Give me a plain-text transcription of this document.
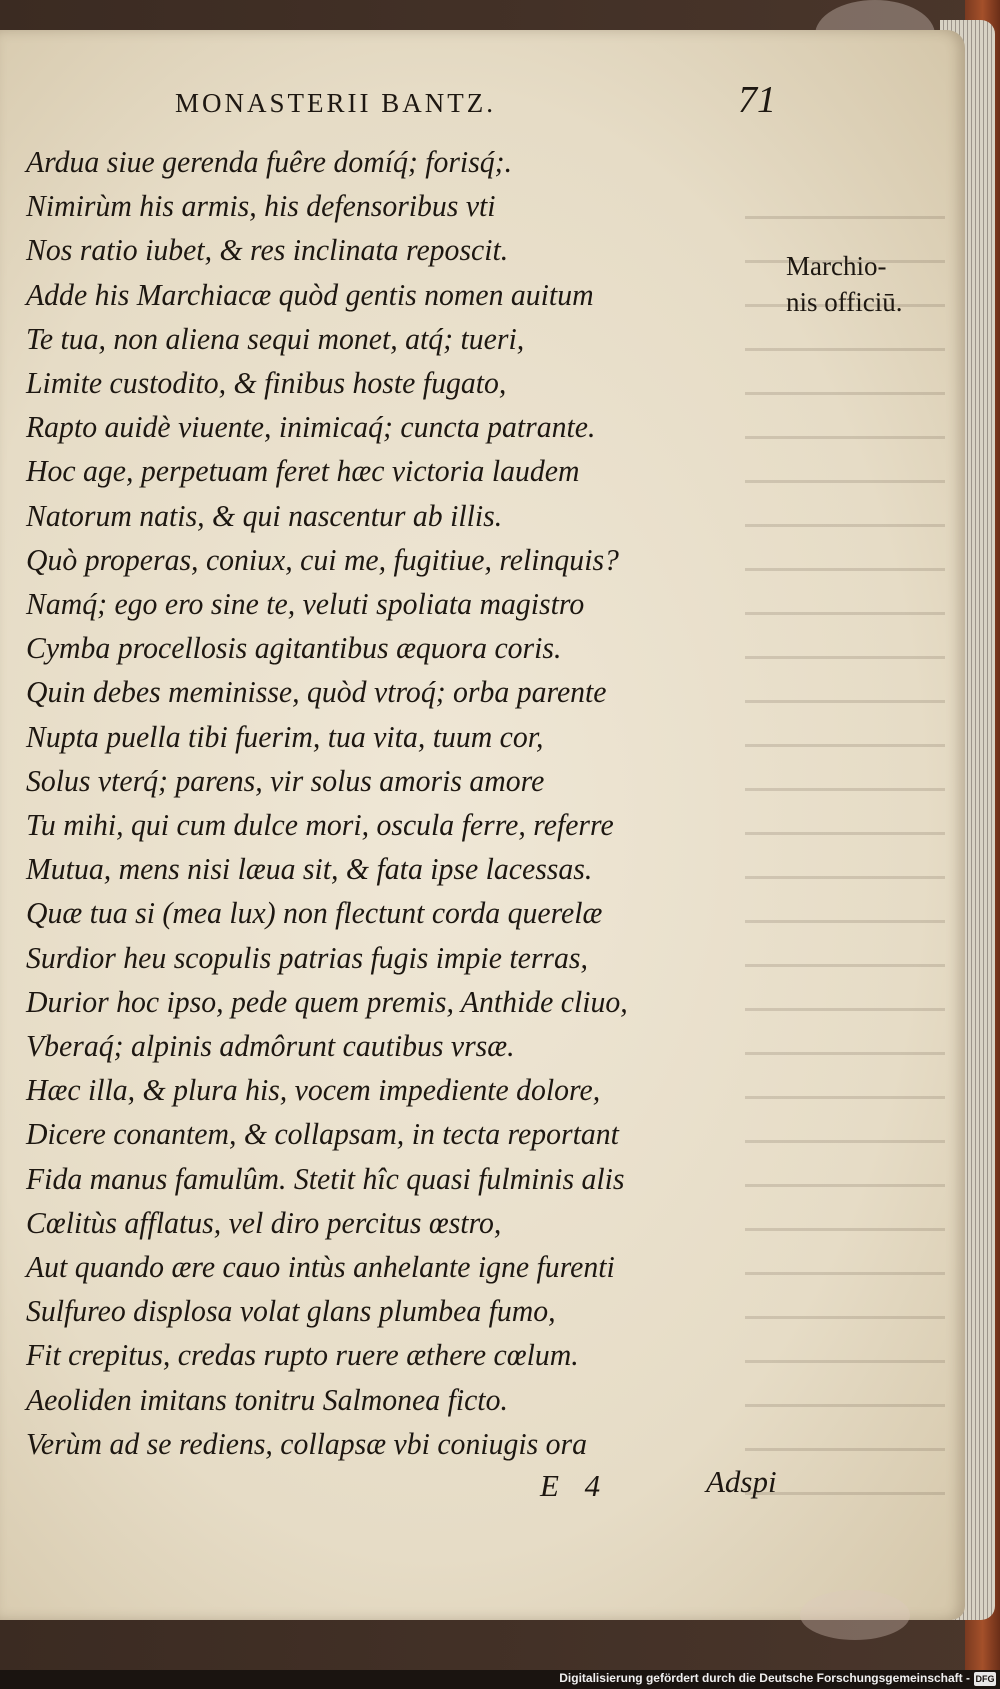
MONASTERII BANTZ.	71
Ardua siue gerenda fuêre domíq́; forisq́;.
Nimirùm his armis, his defensoribus vti
Nos ratio iubet, & res inclinata reposcit.
Adde his Marchiacæ quòd gentis nomen auitum
Te tua, non aliena sequi monet, atq́; tueri,
Limite custodito, & finibus hoste fugato,
Rapto auidè viuente, inimicaq́; cuncta patrante.
Hoc age, perpetuam feret hæc victoria laudem
Natorum natis, & qui nascentur ab illis.
Quò properas, coniux, cui me, fugitiue, relinquis?
Namq́; ego ero sine te, veluti spoliata magistro
Cymba procellosis agitantibus æquora coris.
Quin debes meminisse, quòd vtroq́; orba parente
Nupta puella tibi fuerim, tua vita, tuum cor,
Solus vterq́; parens, vir solus amoris amore
Tu mihi, qui cum dulce mori, oscula ferre, referre
Mutua, mens nisi læua sit, & fata ipse lacessas.
Quæ tua si (mea lux) non flectunt corda querelæ
Surdior heu scopulis patrias fugis impie terras,
Durior hoc ipso, pede quem premis, Anthide cliuo,
Vberaq́; alpinis admôrunt cautibus vrsæ.
Hæc illa, & plura his, vocem impediente dolore,
Dicere conantem, & collapsam, in tecta reportant
Fida manus famulûm. Stetit hîc quasi fulminis alis
Cœlitùs afflatus, vel diro percitus œstro,
Aut quando ære cauo intùs anhelante igne furenti
Sulfureo displosa volat glans plumbea fumo,
Fit crepitus, credas rupto ruere æthere cœlum.
Aeoliden imitans tonitru Salmonea ficto.
Verùm ad se rediens, collapsæ vbi coniugis ora
Marchio-
nis officiū.
E 4	Adspi
Digitalisierung gefördert durch die Deutsche Forschungsgemeinschaft - DFG
